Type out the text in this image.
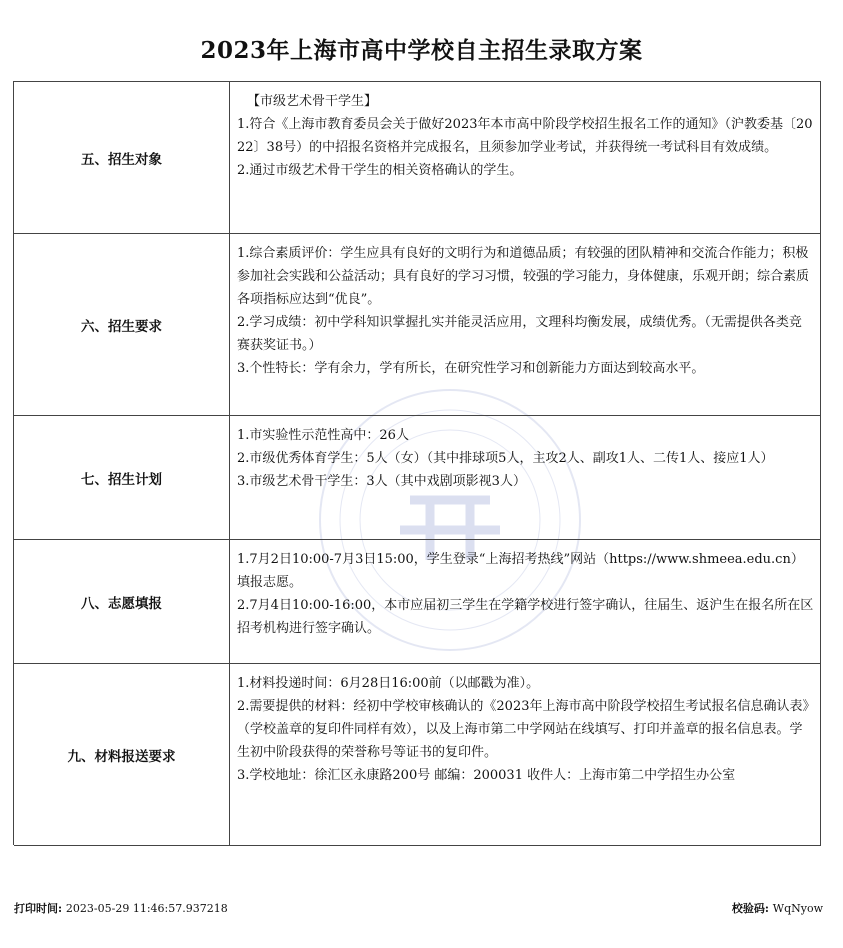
2023年上海市高中学校自主招生录取方案
五、招生对象
【市级艺术骨干学生】
1.符合《上海市教育委员会关于做好2023年本市高中阶段学校招生报名工作的通知》（沪教委基〔2022〕38号）的中招报名资格并完成报名，且须参加学业考试，并获得统一考试科目有效成绩。
2.通过市级艺术骨干学生的相关资格确认的学生。
六、招生要求
1.综合素质评价：学生应具有良好的文明行为和道德品质；有较强的团队精神和交流合作能力；积极参加社会实践和公益活动；具有良好的学习习惯，较强的学习能力，身体健康，乐观开朗；综合素质各项指标应达到“优良”。
2.学习成绩：初中学科知识掌握扎实并能灵活应用，文理科均衡发展，成绩优秀。（无需提供各类竞赛获奖证书。）
3.个性特长：学有余力，学有所长，在研究性学习和创新能力方面达到较高水平。
七、招生计划
1.市实验性示范性高中：26人
2.市级优秀体育学生：5人（女）（其中排球项5人，主攻2人、副攻1人、二传1人、接应1人）
3.市级艺术骨干学生：3人（其中戏剧项影视3人）
八、志愿填报
1.7月2日10:00-7月3日15:00，学生登录“上海招考热线”网站（https://www.shmeea.edu.cn）填报志愿。
2.7月4日10:00-16:00，本市应届初三学生在学籍学校进行签字确认，往届生、返沪生在报名所在区招考机构进行签字确认。
九、材料报送要求
1.材料投递时间：6月28日16:00前（以邮戳为准）。
2.需要提供的材料：经初中学校审核确认的《2023年上海市高中阶段学校招生考试报名信息确认表》（学校盖章的复印件同样有效），以及上海市第二中学网站在线填写、打印并盖章的报名信息表。学生初中阶段获得的荣誉称号等证书的复印件。
3.学校地址：徐汇区永康路200号 邮编：200031 收件人：上海市第二中学招生办公室
打印时间: 2023-05-29 11:46:57.937218	校验码: WqNyow
